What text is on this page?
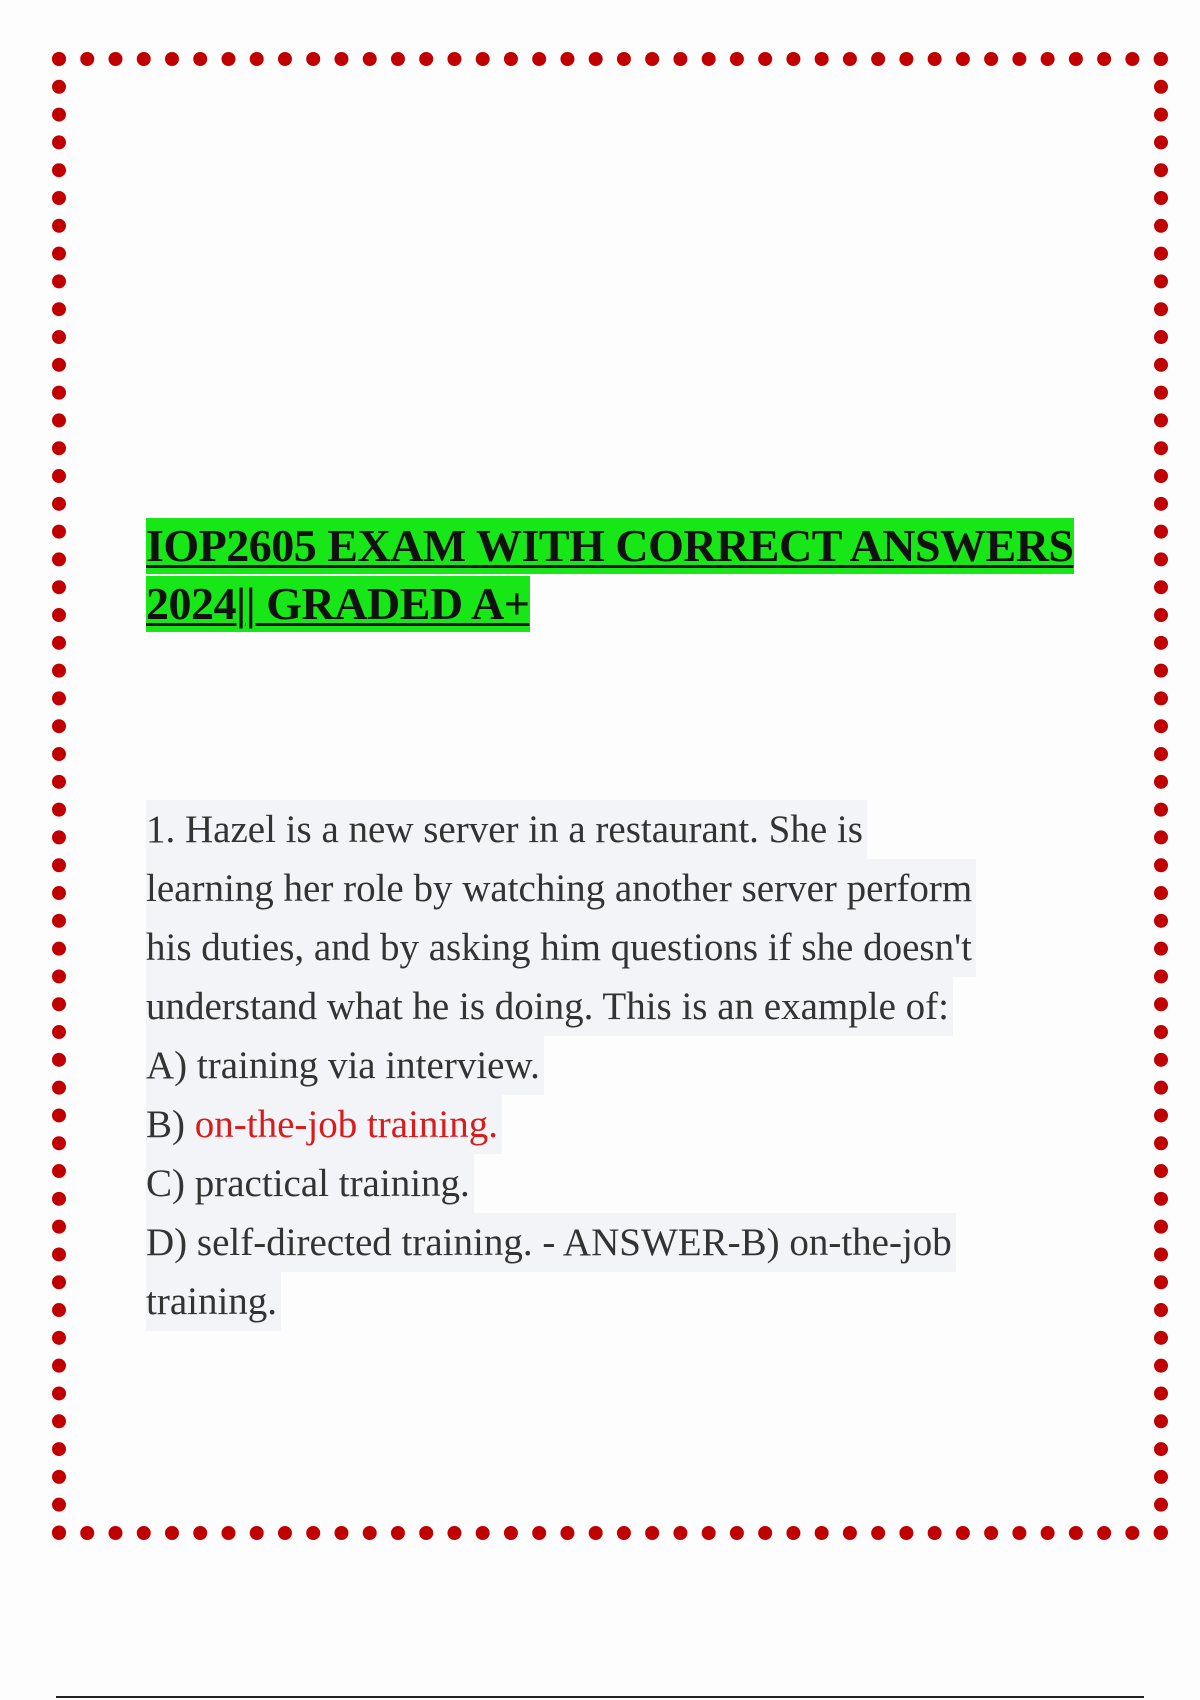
IOP2605 EXAM WITH CORRECT ANSWERS
2024|| GRADED A+
1. Hazel is a new server in a restaurant. She is
learning her role by watching another server perform
his duties, and by asking him questions if she doesn't
understand what he is doing. This is an example of:
A) training via interview.
B) on-the-job training.
C) practical training.
D) self-directed training. - ANSWER-B) on-the-job
training.
